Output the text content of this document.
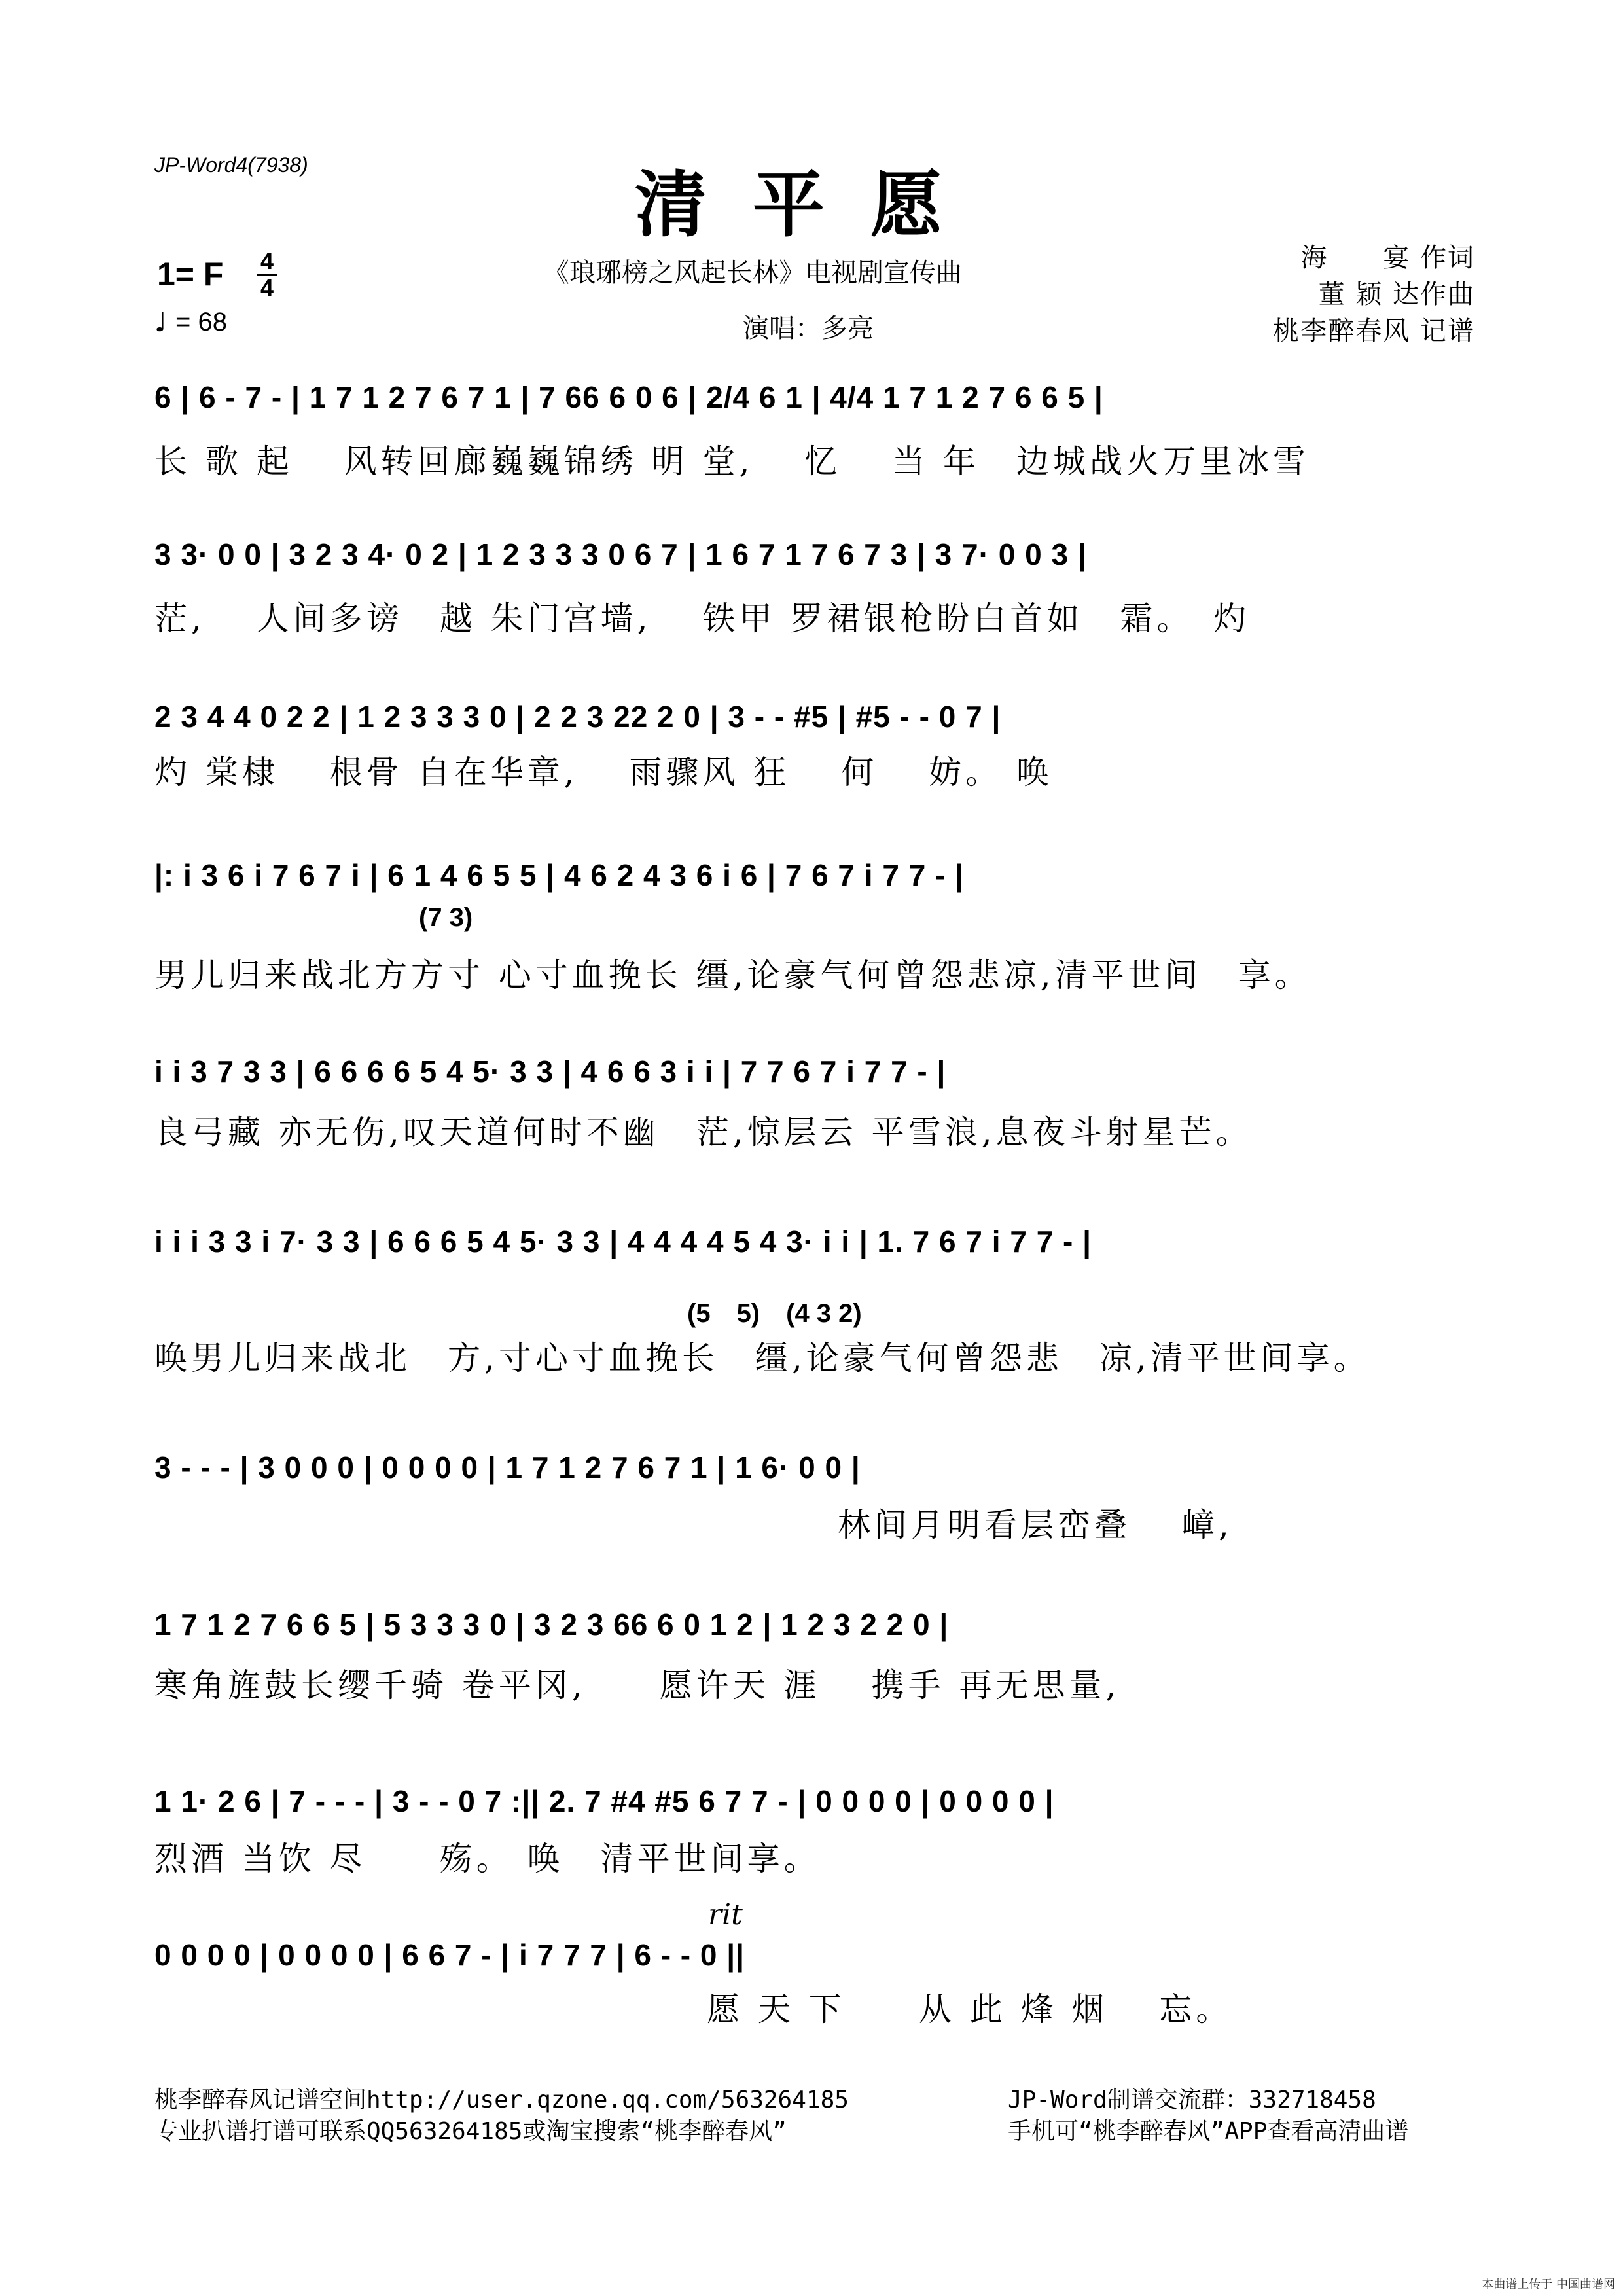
JP-Word4(7938)	清平愿
《琅琊榜之风起长林》电视剧宣传曲
演唱：多亮
海　　宴 作词
董 颖 达作曲
桃李醉春风 记谱
1= F 4
4
♩ = 68
6 | 6 - 7 - | 1 7 1 2 7 6 7 1 | 7 66 6 0 6 | 2/4 6 1 | 4/4 1 7 1 2 7 6 6 5 |
长 歌 起　 风转回廊巍巍锦绣 明 堂,　 忆　 当 年　边城战火万里冰雪
3 3· 0 0 | 3 2 3 4· 0 2 | 1 2 3 3 3 0 6 7 | 1 6 7 1 7 6 7 3 | 3 7· 0 0 3 |
茫,　 人间多谤　越 朱门宫墙,　 铁甲 罗裙银枪盼白首如　霜。　灼
2 3 4 4 0 2 2 | 1 2 3 3 3 0 | 2 2 3 22 2 0 | 3 - - #5 | #5 - - 0 7 |
灼 棠棣　 根骨 自在华章,　 雨骤风 狂　 何　 妨。 唤
|: i 3 6 i 7 6 7 i | 6 1 4 6 5 5 | 4 6 2 4 3 6 i 6 | 7 6 7 i 7 7 - |
(7 3)
男儿归来战北方方寸 心寸血挽长 缰,论豪气何曾怨悲凉,清平世间　享。
i i 3 7 3 3 | 6 6 6 6 5 4 5· 3 3 | 4 6 6 3 i i | 7 7 6 7 i 7 7 - |
良弓藏 亦无伤,叹天道何时不幽　茫,惊层云 平雪浪,息夜斗射星芒。
i i i 3 3 i 7· 3 3 | 6 6 6 5 4 5· 3 3 | 4 4 4 4 5 4 3· i i | 1. 7 6 7 i 7 7 - |
(5　5)　(4 3 2)
唤男儿归来战北　方,寸心寸血挽长　缰,论豪气何曾怨悲　凉,清平世间享。
3 - - - | 3 0 0 0 | 0 0 0 0 | 1 7 1 2 7 6 7 1 | 1 6· 0 0 |
林间月明看层峦叠　 嶂,
1 7 1 2 7 6 6 5 | 5 3 3 3 0 | 3 2 3 66 6 0 1 2 | 1 2 3 2 2 0 |
寒角旌鼓长缨千骑 卷平冈,　　愿许天 涯　 携手 再无思量,
1 1· 2 6 | 7 - - - | 3 - - 0 7 :|| 2. 7 #4 #5 6 7 7 - | 0 0 0 0 | 0 0 0 0 |
烈酒 当饮 尽　　殇。 唤　清平世间享。
rit
0 0 0 0 | 0 0 0 0 | 6 6 7 - | i 7 7 7 | 6 - - 0 ||
愿 天 下　　从 此 烽 烟　 忘。
桃李醉春风记谱空间http://user.qzone.qq.com/563264185
专业扒谱打谱可联系QQ563264185或淘宝搜索“桃李醉春风”
JP-Word制谱交流群：332718458
手机可“桃李醉春风”APP查看高清曲谱
本曲谱上传于 中国曲谱网
